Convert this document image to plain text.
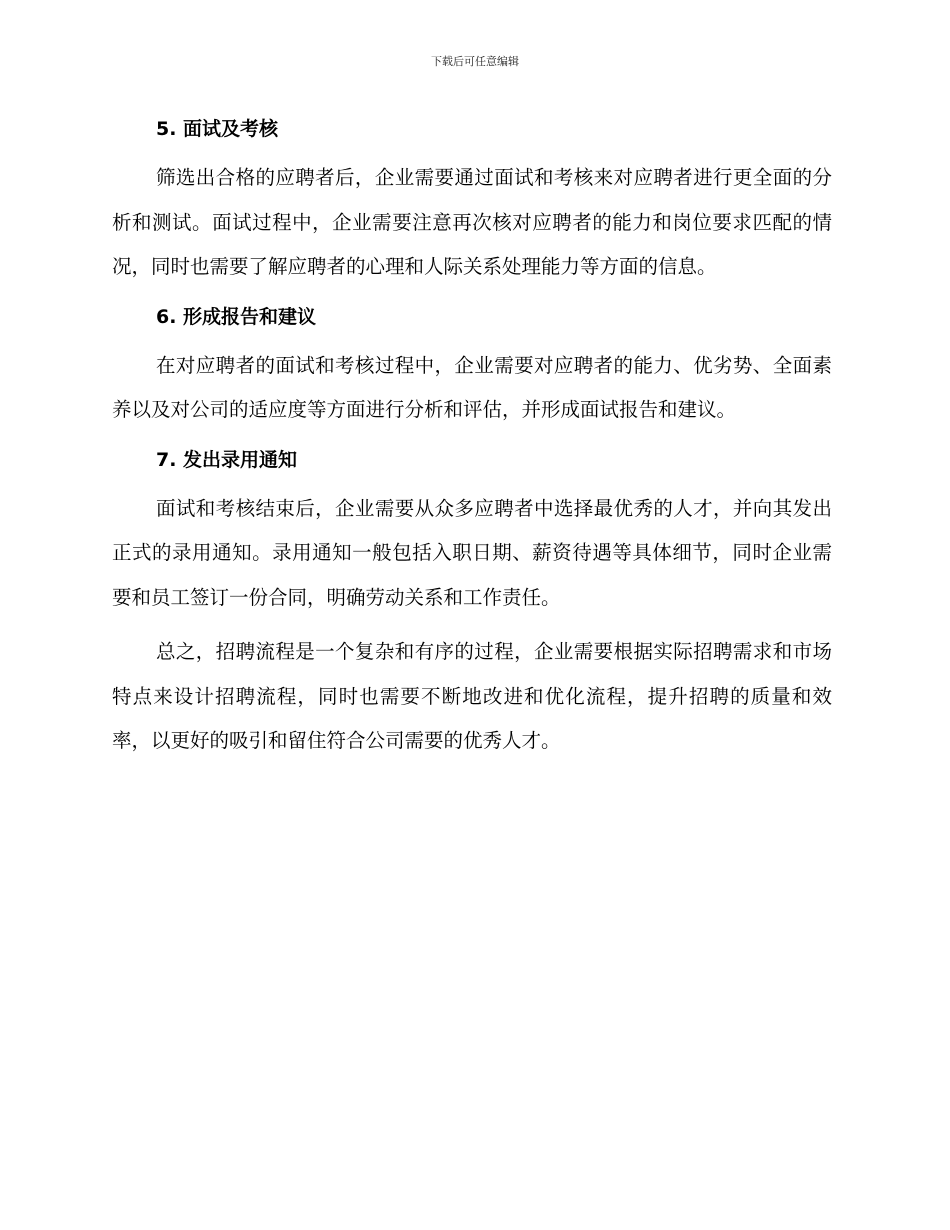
下载后可任意编辑
5. 面试及考核

筛选出合格的应聘者后，企业需要通过面试和考核来对应聘者进行更全面的分析和测试。面试过程中，企业需要注意再次核对应聘者的能力和岗位要求匹配的情况，同时也需要了解应聘者的心理和人际关系处理能力等方面的信息。

6. 形成报告和建议

在对应聘者的面试和考核过程中，企业需要对应聘者的能力、优劣势、全面素养以及对公司的适应度等方面进行分析和评估，并形成面试报告和建议。

7. 发出录用通知

面试和考核结束后，企业需要从众多应聘者中选择最优秀的人才，并向其发出正式的录用通知。录用通知一般包括入职日期、薪资待遇等具体细节，同时企业需要和员工签订一份合同，明确劳动关系和工作责任。

总之，招聘流程是一个复杂和有序的过程，企业需要根据实际招聘需求和市场特点来设计招聘流程，同时也需要不断地改进和优化流程，提升招聘的质量和效率，以更好的吸引和留住符合公司需要的优秀人才。
